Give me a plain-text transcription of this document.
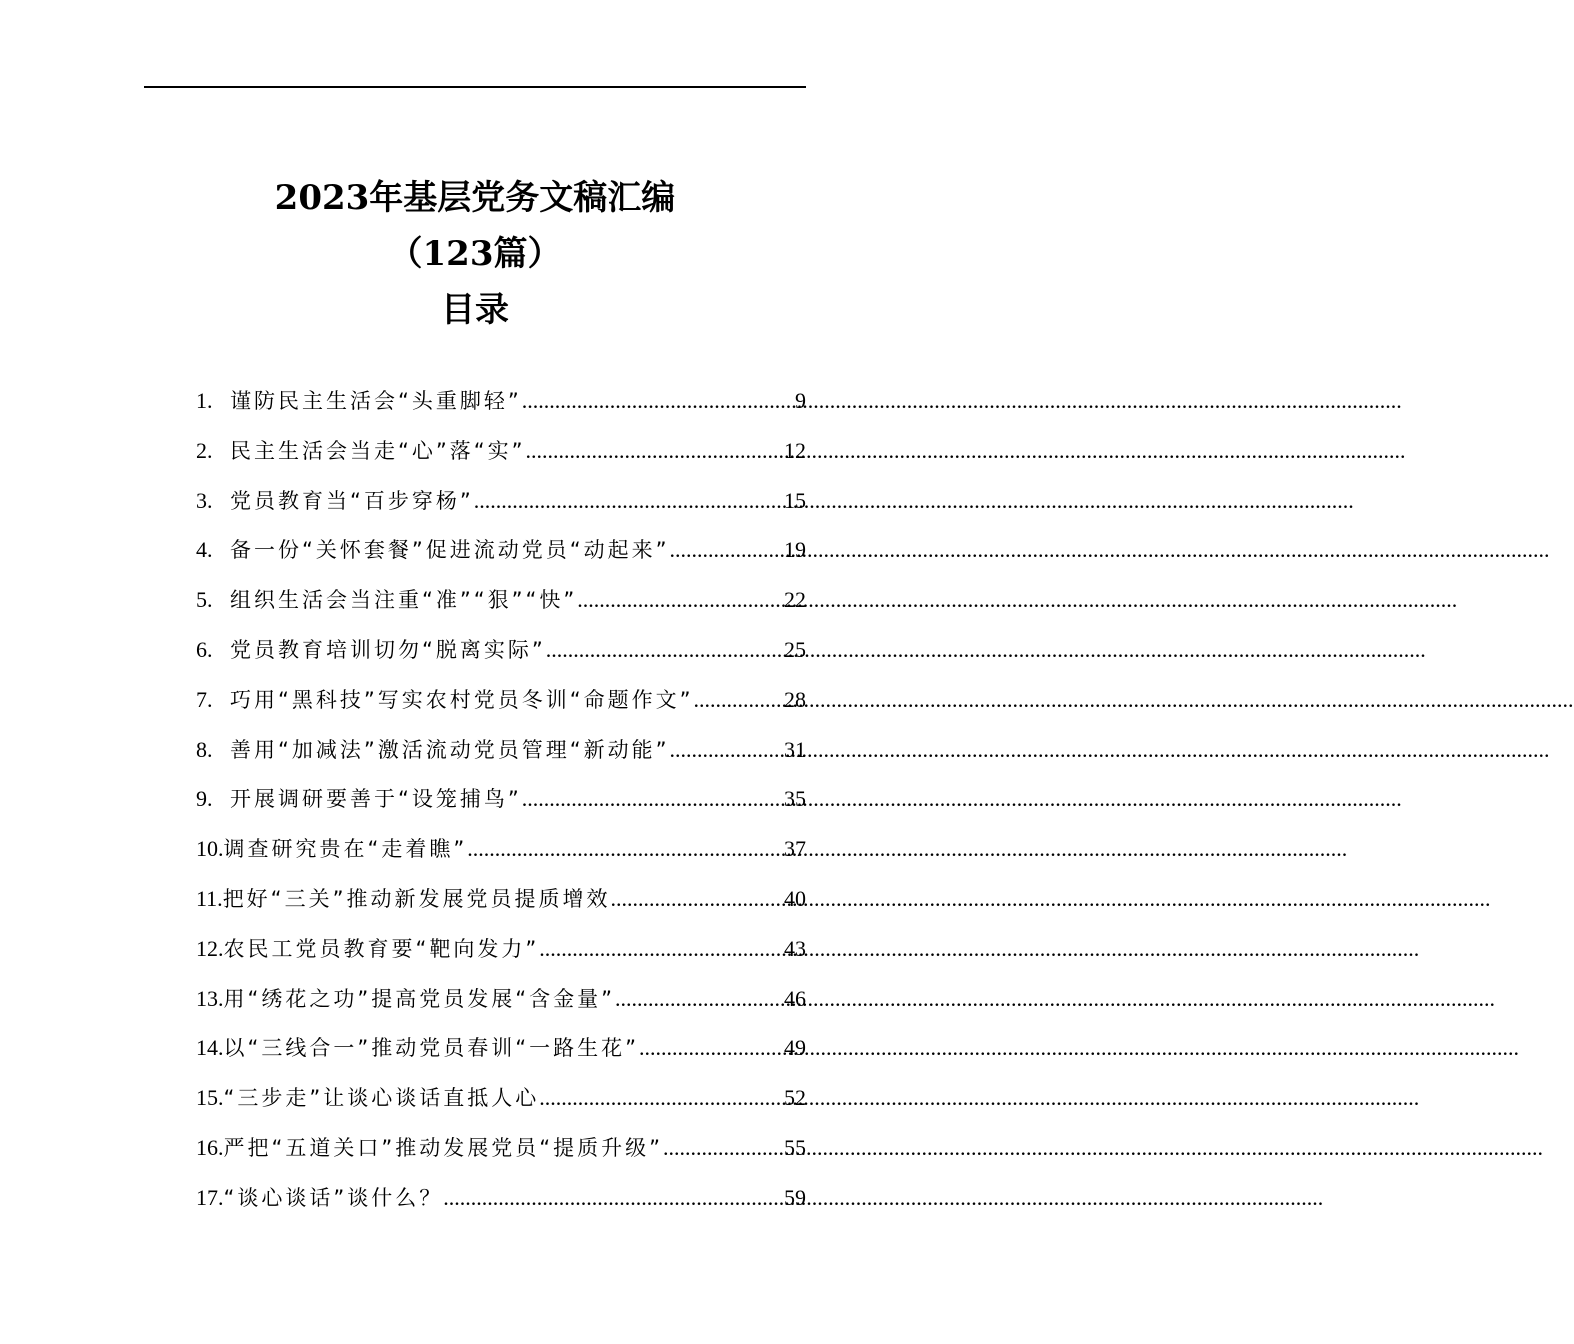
2023年基层党务文稿汇编
（123篇）
目录
1. 谨防民主生活会“头重脚轻” .....	9
2. 民主生活会当走“心”落“实” .....	12
3. 党员教育当“百步穿杨” .....	15
4. 备一份“关怀套餐”促进流动党员“动起来” .....	19
5. 组织生活会当注重“准”“狠”“快” .....	22
6. 党员教育培训切勿“脱离实际” .....	25
7. 巧用“黑科技”写实农村党员冬训“命题作文” .....	28
8. 善用“加减法”激活流动党员管理“新动能” .....	31
9. 开展调研要善于“设笼捕鸟” .....	35
10. 调查研究贵在“走着瞧” .....	37
11. 把好“三关”推动新发展党员提质增效 .....	40
12. 农民工党员教育要“靶向发力” .....	43
13. 用“绣花之功”提高党员发展“含金量” .....	46
14. 以“三线合一”推动党员春训“一路生花” .....	49
15. “三步走”让谈心谈话直抵人心 .....	52
16. 严把“五道关口”推动发展党员“提质升级” .....	55
17. “谈心谈话”谈什么？ .....	59
